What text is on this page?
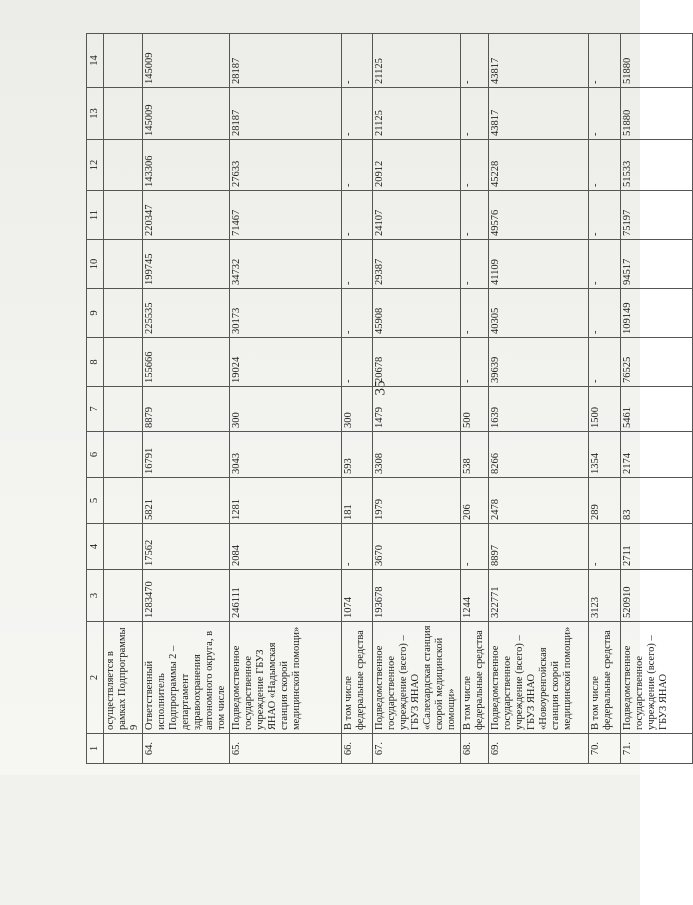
35
1	2	3	4	5	6	7	8	9	10	11	12	13	14
	осуществляется в рамках Подпрограммы 9												
64.	Ответственный исполнитель Подпрограммы 2 – департамент здравоохранения автономного округа, в том числе	1283470	17562	5821	16791	8879	155666	225535	199745	220347	143306	145009	145009
65.	Подведомственное государственное учреждение ГБУЗ ЯНАО «Надымская станция скорой медицинской помощи»	246111	2084	1281	3043	300	19024	30173	34732	71467	27633	28187	28187
66.	В том числе федеральные средства	1074	-	181	593	300	-	-	-	-	-	-	-
67.	Подведомственное государственное учреждение (всего) – ГБУЗ ЯНАО «Салехардская станция скорой медицинской помощи»	193678	3670	1979	3308	1479	20678	45908	29387	24107	20912	21125	21125
68.	В том числе федеральные средства	1244	-	206	538	500	-	-	-	-	-	-	-
69.	Подведомственное государственное учреждение (всего) – ГБУЗ ЯНАО «Новоуренгойская станция скорой медицинской помощи»	322771	8897	2478	8266	1639	39639	40305	41109	49576	45228	43817	43817
70.	В том числе федеральные средства	3123	-	289	1354	1500	-	-	-	-	-	-	-
71.	Подведомственное государственное учреждение (всего) – ГБУЗ ЯНАО	520910	2711	83	2174	5461	76525	109149	94517	75197	51533	51880	51880
